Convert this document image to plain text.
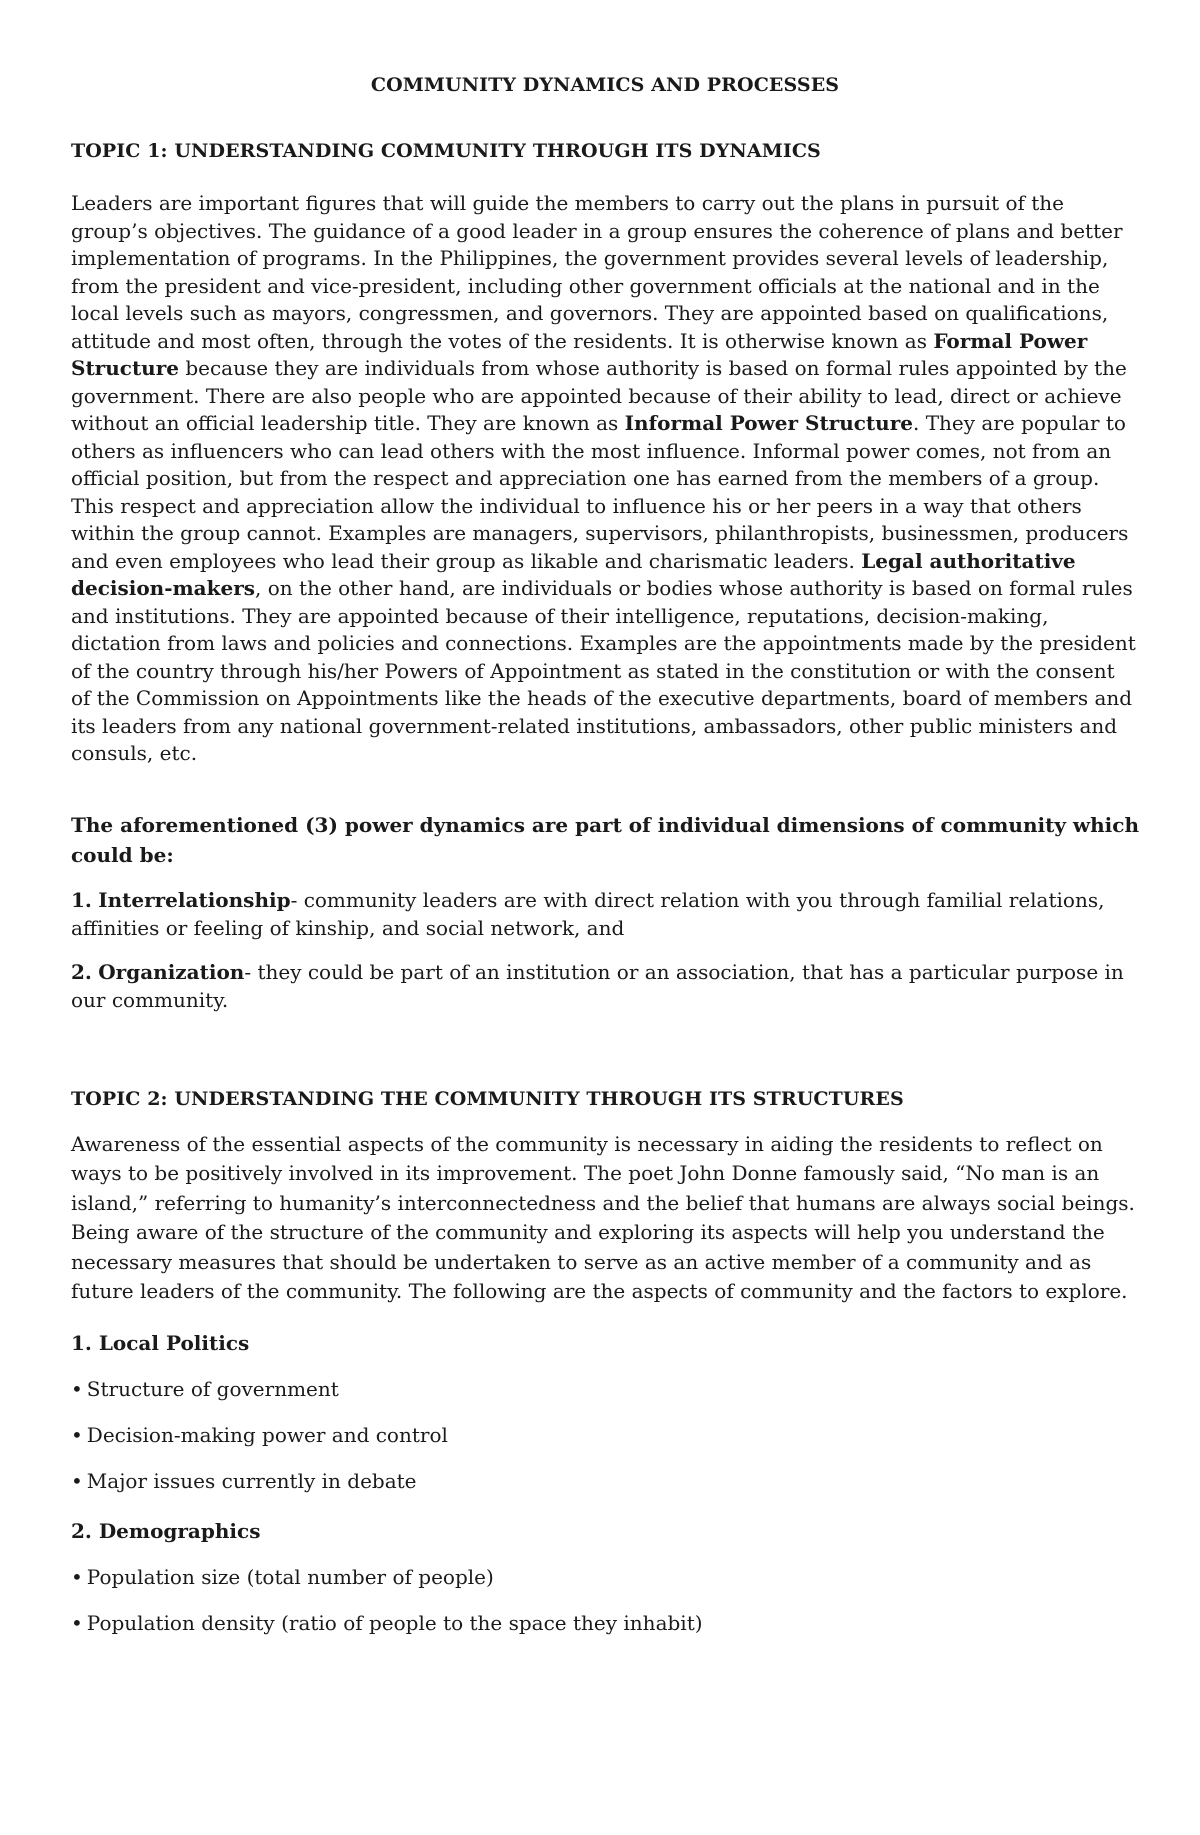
COMMUNITY DYNAMICS AND PROCESSES
TOPIC 1: UNDERSTANDING COMMUNITY THROUGH ITS DYNAMICS

Leaders are important figures that will guide the members to carry out the plans in pursuit of the group’s objectives. The guidance of a good leader in a group ensures the coherence of plans and better implementation of programs. In the Philippines, the government provides several levels of leadership, from the president and vice-president, including other government officials at the national and in the local levels such as mayors, congressmen, and governors. They are appointed based on qualifications, attitude and most often, through the votes of the residents. It is otherwise known as Formal Power Structure because they are individuals from whose authority is based on formal rules appointed by the government. There are also people who are appointed because of their ability to lead, direct or achieve without an official leadership title. They are known as Informal Power Structure. They are popular to others as influencers who can lead others with the most influence. Informal power comes, not from an official position, but from the respect and appreciation one has earned from the members of a group. This respect and appreciation allow the individual to influence his or her peers in a way that others within the group cannot. Examples are managers, supervisors, philanthropists, businessmen, producers and even employees who lead their group as likable and charismatic leaders. Legal authoritative decision-makers, on the other hand, are individuals or bodies whose authority is based on formal rules and institutions. They are appointed because of their intelligence, reputations, decision-making, dictation from laws and policies and connections. Examples are the appointments made by the president of the country through his/her Powers of Appointment as stated in the constitution or with the consent of the Commission on Appointments like the heads of the executive departments, board of members and its leaders from any national government-related institutions, ambassadors, other public ministers and consuls, etc.

The aforementioned (3) power dynamics are part of individual dimensions of community which could be:

1. Interrelationship- community leaders are with direct relation with you through familial relations, affinities or feeling of kinship, and social network, and

2. Organization- they could be part of an institution or an association, that has a particular purpose in our community.

TOPIC 2: UNDERSTANDING THE COMMUNITY THROUGH ITS STRUCTURES

Awareness of the essential aspects of the community is necessary in aiding the residents to reflect on ways to be positively involved in its improvement. The poet John Donne famously said, “No man is an island,” referring to humanity’s interconnectedness and the belief that humans are always social beings. Being aware of the structure of the community and exploring its aspects will help you understand the necessary measures that should be undertaken to serve as an active member of a community and as future leaders of the community. The following are the aspects of community and the factors to explore.

1. Local Politics

• Structure of government

• Decision-making power and control

• Major issues currently in debate

2. Demographics

• Population size (total number of people)

• Population density (ratio of people to the space they inhabit)
